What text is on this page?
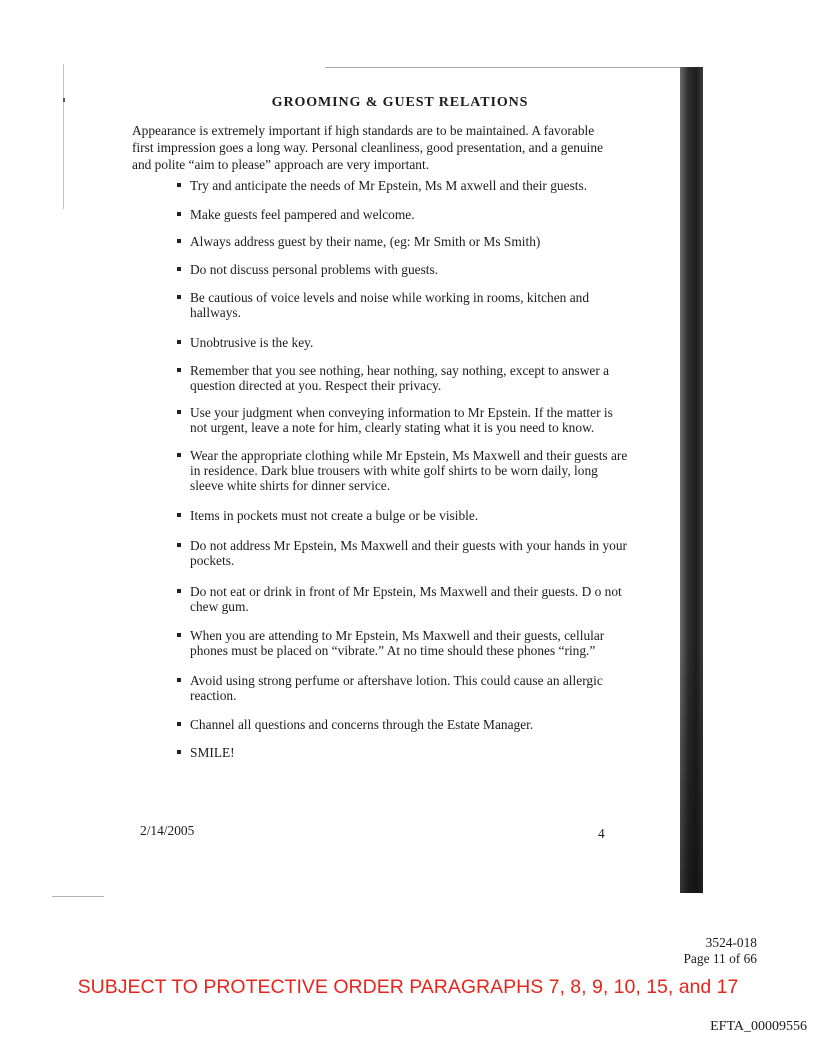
GROOMING & GUEST RELATIONS
Appearance is extremely important if high standards are to be maintained. A favorable
first impression goes a long way. Personal cleanliness, good presentation, and a genuine
and polite “aim to please” approach are very important.
Try and anticipate the needs of Mr Epstein, Ms M axwell and their guests.
Make guests feel pampered and welcome.
Always address guest by their name, (eg: Mr Smith or Ms Smith)
Do not discuss personal problems with guests.
Be cautious of voice levels and noise while working in rooms, kitchen and
hallways.
Unobtrusive is the key.
Remember that you see nothing, hear nothing, say nothing, except to answer a
question directed at you. Respect their privacy.
Use your judgment when conveying information to Mr Epstein. If the matter is
not urgent, leave a note for him, clearly stating what it is you need to know.
Wear the appropriate clothing while Mr Epstein, Ms Maxwell and their guests are
in residence. Dark blue trousers with white golf shirts to be worn daily, long
sleeve white shirts for dinner service.
Items in pockets must not create a bulge or be visible.
Do not address Mr Epstein, Ms Maxwell and their guests with your hands in your
pockets.
Do not eat or drink in front of Mr Epstein, Ms Maxwell and their guests. D o not
chew gum.
When you are attending to Mr Epstein, Ms Maxwell and their guests, cellular
phones must be placed on “vibrate.” At no time should these phones “ring.”
Avoid using strong perfume or aftershave lotion. This could cause an allergic
reaction.
Channel all questions and concerns through the Estate Manager.
SMILE!
2/14/2005	4
3524-018
Page 11 of 66
SUBJECT TO PROTECTIVE ORDER PARAGRAPHS 7, 8, 9, 10, 15, and 17
EFTA_00009556
